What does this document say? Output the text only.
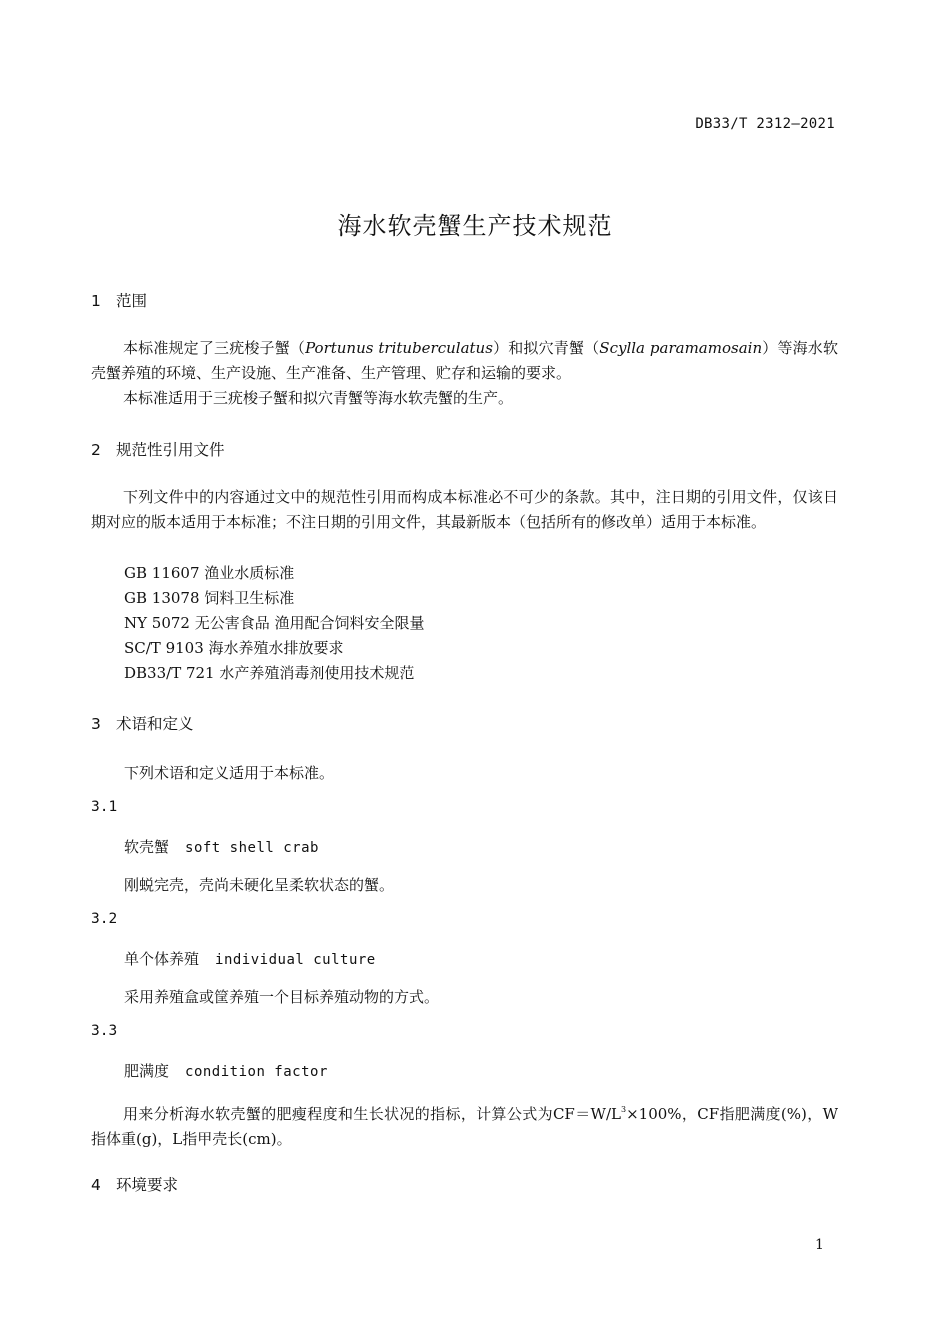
DB33/T 2312—2021
海水软壳蟹生产技术规范
1 范围
本标准规定了三疣梭子蟹（Portunus trituberculatus）和拟穴青蟹（Scylla paramamosain）等海水软壳蟹养殖的环境、生产设施、生产准备、生产管理、贮存和运输的要求。
本标准适用于三疣梭子蟹和拟穴青蟹等海水软壳蟹的生产。
2 规范性引用文件
下列文件中的内容通过文中的规范性引用而构成本标准必不可少的条款。其中，注日期的引用文件，仅该日期对应的版本适用于本标准；不注日期的引用文件，其最新版本（包括所有的修改单）适用于本标准。
GB 11607 渔业水质标准
GB 13078 饲料卫生标准
NY 5072 无公害食品 渔用配合饲料安全限量
SC/T 9103 海水养殖水排放要求
DB33/T 721 水产养殖消毒剂使用技术规范
3 术语和定义
下列术语和定义适用于本标准。
3.1
软壳蟹 soft shell crab
刚蜕完壳，壳尚未硬化呈柔软状态的蟹。
3.2
单个体养殖 individual culture
采用养殖盒或筐养殖一个目标养殖动物的方式。
3.3
肥满度 condition factor
用来分析海水软壳蟹的肥瘦程度和生长状况的指标，计算公式为$CF=W/L^3\times 100\%$，CF指肥满度(%)，W指体重(g)，L指甲壳长(cm)。
4 环境要求
1
